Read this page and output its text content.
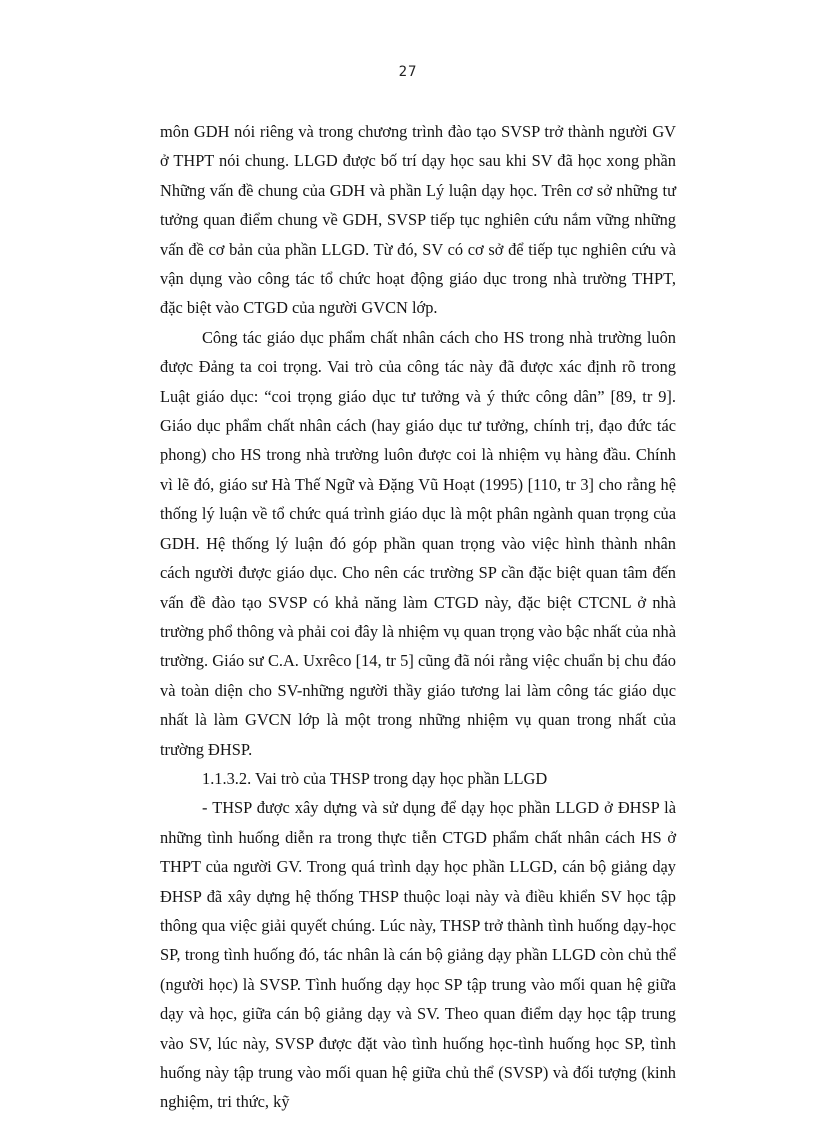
27

môn GDH nói riêng và trong chương trình đào tạo SVSP trở thành người GV ở THPT nói chung. LLGD được bố trí dạy học sau khi SV đã học xong phần Những vấn đề chung của GDH và phần Lý luận dạy học. Trên cơ sở những tư tưởng quan điểm chung về GDH, SVSP tiếp tục nghiên cứu nắm vững những vấn đề cơ bản của phần LLGD. Từ đó, SV có cơ sở để tiếp tục nghiên cứu và vận dụng vào công tác tổ chức hoạt động giáo dục trong nhà trường THPT, đặc biệt vào CTGD của người GVCN lớp.

Công tác giáo dục phẩm chất nhân cách cho HS trong nhà trường luôn được Đảng ta coi trọng. Vai trò của công tác này đã được xác định rõ trong Luật giáo dục: “coi trọng giáo dục tư tưởng và ý thức công dân” [89, tr 9]. Giáo dục phẩm chất nhân cách (hay giáo dục tư tưởng, chính trị, đạo đức tác phong) cho HS trong nhà trường luôn được coi là nhiệm vụ hàng đầu. Chính vì lẽ đó, giáo sư Hà Thế Ngữ và Đặng Vũ Hoạt (1995) [110, tr 3] cho rằng hệ thống lý luận về tổ chức quá trình giáo dục là một phân ngành quan trọng của GDH. Hệ thống lý luận đó góp phần quan trọng vào việc hình thành nhân cách người được giáo dục. Cho nên các trường SP cần đặc biệt quan tâm đến vấn đề đào tạo SVSP có khả năng làm CTGD này, đặc biệt CTCNL ở nhà trường phổ thông và phải coi đây là nhiệm vụ quan trọng vào bậc nhất của nhà trường. Giáo sư C.A. Uxrêco [14, tr 5] cũng đã nói rằng việc chuẩn bị chu đáo và toàn diện cho SV-những người thầy giáo tương lai làm công tác giáo dục nhất là làm GVCN lớp là một trong những nhiệm vụ quan trong nhất của trường ĐHSP.

1.1.3.2. Vai trò của THSP trong dạy học phần LLGD

- THSP được xây dựng và sử dụng để dạy học phần LLGD ở ĐHSP là những tình huống diễn ra trong thực tiễn CTGD phẩm chất nhân cách HS ở THPT của người GV. Trong quá trình dạy học phần LLGD, cán bộ giảng dạy ĐHSP đã xây dựng hệ thống THSP thuộc loại này và điều khiển SV học tập thông qua việc giải quyết chúng. Lúc này, THSP trở thành tình huống dạy-học SP, trong tình huống đó, tác nhân là cán bộ giảng dạy phần LLGD còn chủ thể (người học) là SVSP. Tình huống dạy học SP tập trung vào mối quan hệ giữa dạy và học, giữa cán bộ giảng dạy và SV. Theo quan điểm dạy học tập trung vào SV, lúc này, SVSP được đặt vào tình huống học-tình huống học SP, tình huống này tập trung vào mối quan hệ giữa chủ thể (SVSP) và đối tượng (kinh nghiệm, tri thức, kỹ
